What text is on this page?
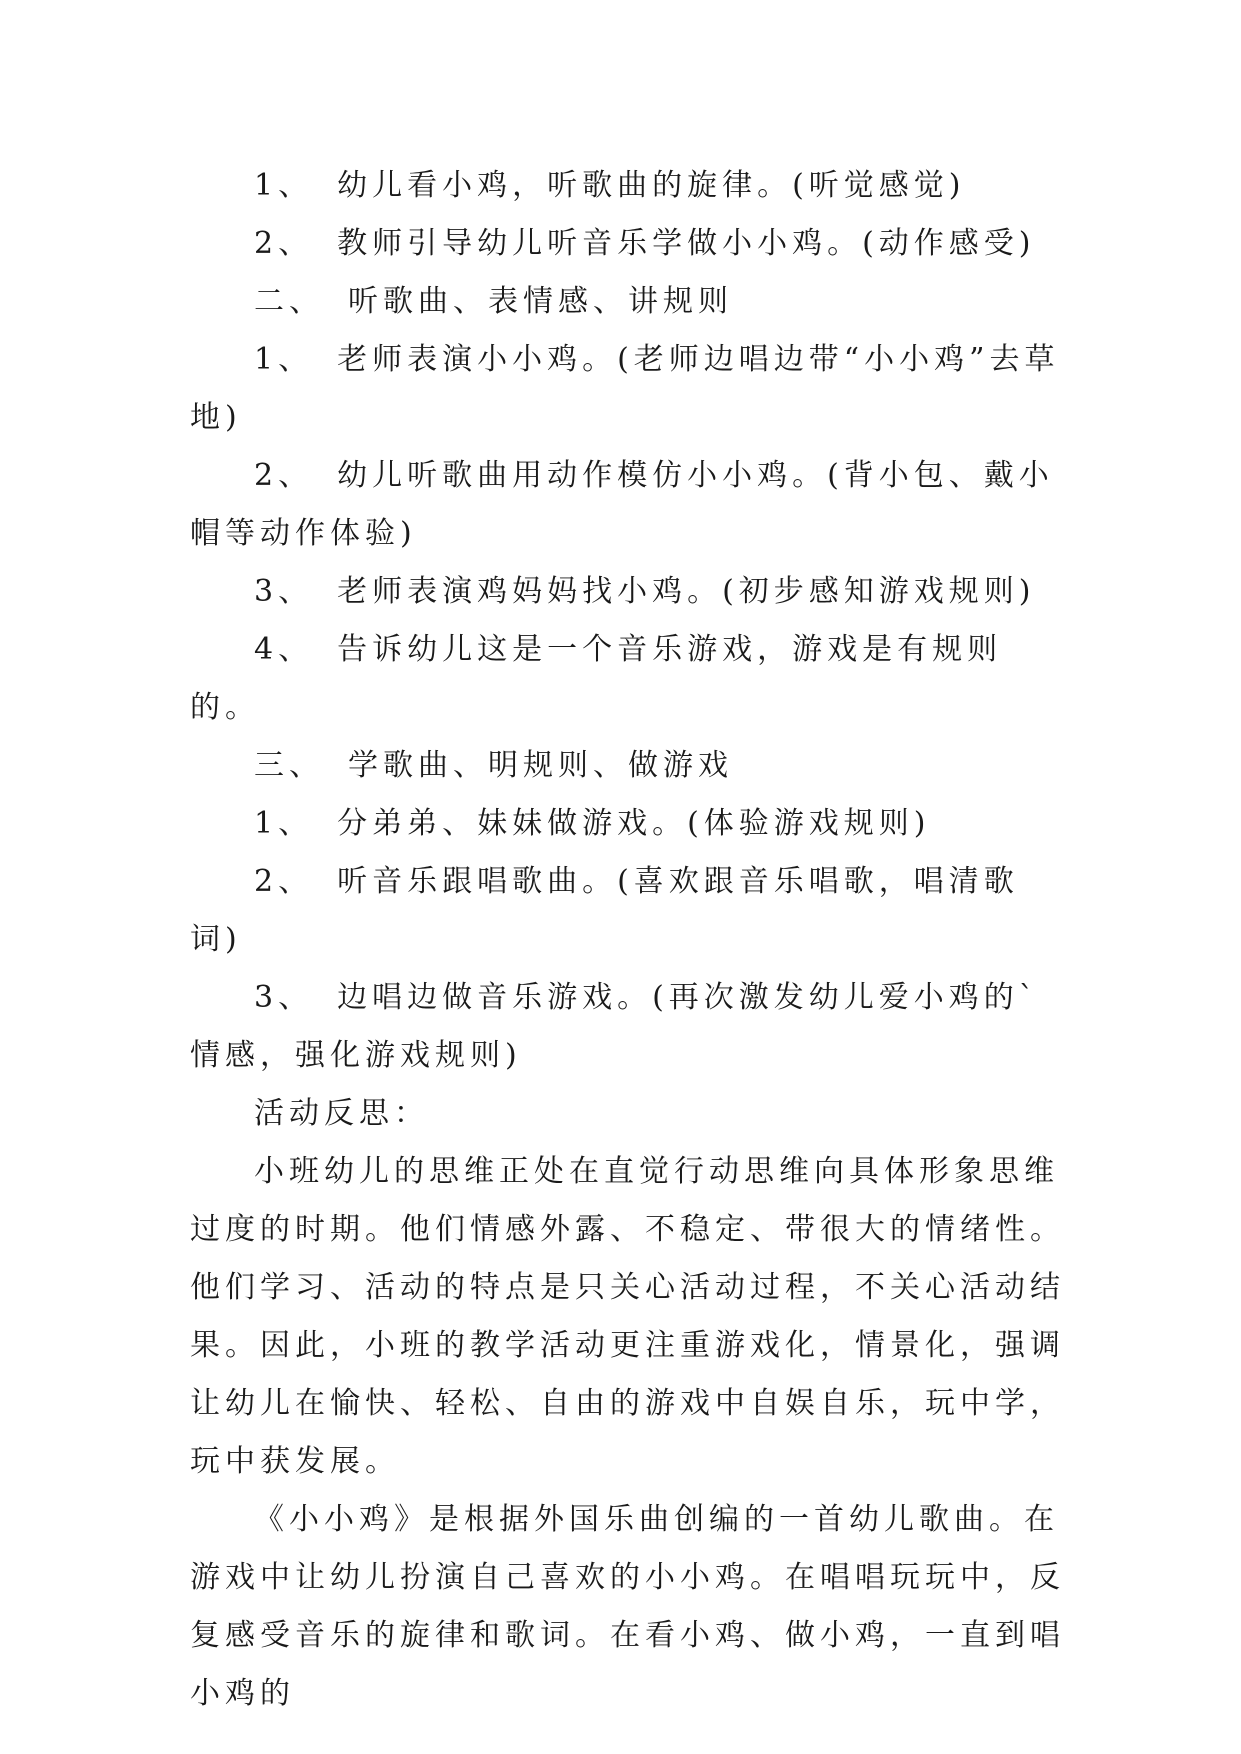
1、 幼儿看小鸡，听歌曲的旋律。(听觉感觉)

2、 教师引导幼儿听音乐学做小小鸡。(动作感受)

二、 听歌曲、表情感、讲规则

1、 老师表演小小鸡。(老师边唱边带“小小鸡”去草地)

2、 幼儿听歌曲用动作模仿小小鸡。(背小包、戴小帽等动作体验)

3、 老师表演鸡妈妈找小鸡。(初步感知游戏规则)

4、 告诉幼儿这是一个音乐游戏，游戏是有规则的。

三、 学歌曲、明规则、做游戏

1、 分弟弟、妹妹做游戏。(体验游戏规则)

2、 听音乐跟唱歌曲。(喜欢跟音乐唱歌，唱清歌词)

3、 边唱边做音乐游戏。(再次激发幼儿爱小鸡的`情感，强化游戏规则)

活动反思：

小班幼儿的思维正处在直觉行动思维向具体形象思维过度的时期。他们情感外露、不稳定、带很大的情绪性。他们学习、活动的特点是只关心活动过程，不关心活动结果。因此，小班的教学活动更注重游戏化，情景化，强调让幼儿在愉快、轻松、自由的游戏中自娱自乐，玩中学，玩中获发展。

《小小鸡》是根据外国乐曲创编的一首幼儿歌曲。在游戏中让幼儿扮演自己喜欢的小小鸡。在唱唱玩玩中，反复感受音乐的旋律和歌词。在看小鸡、做小鸡，一直到唱小鸡的
